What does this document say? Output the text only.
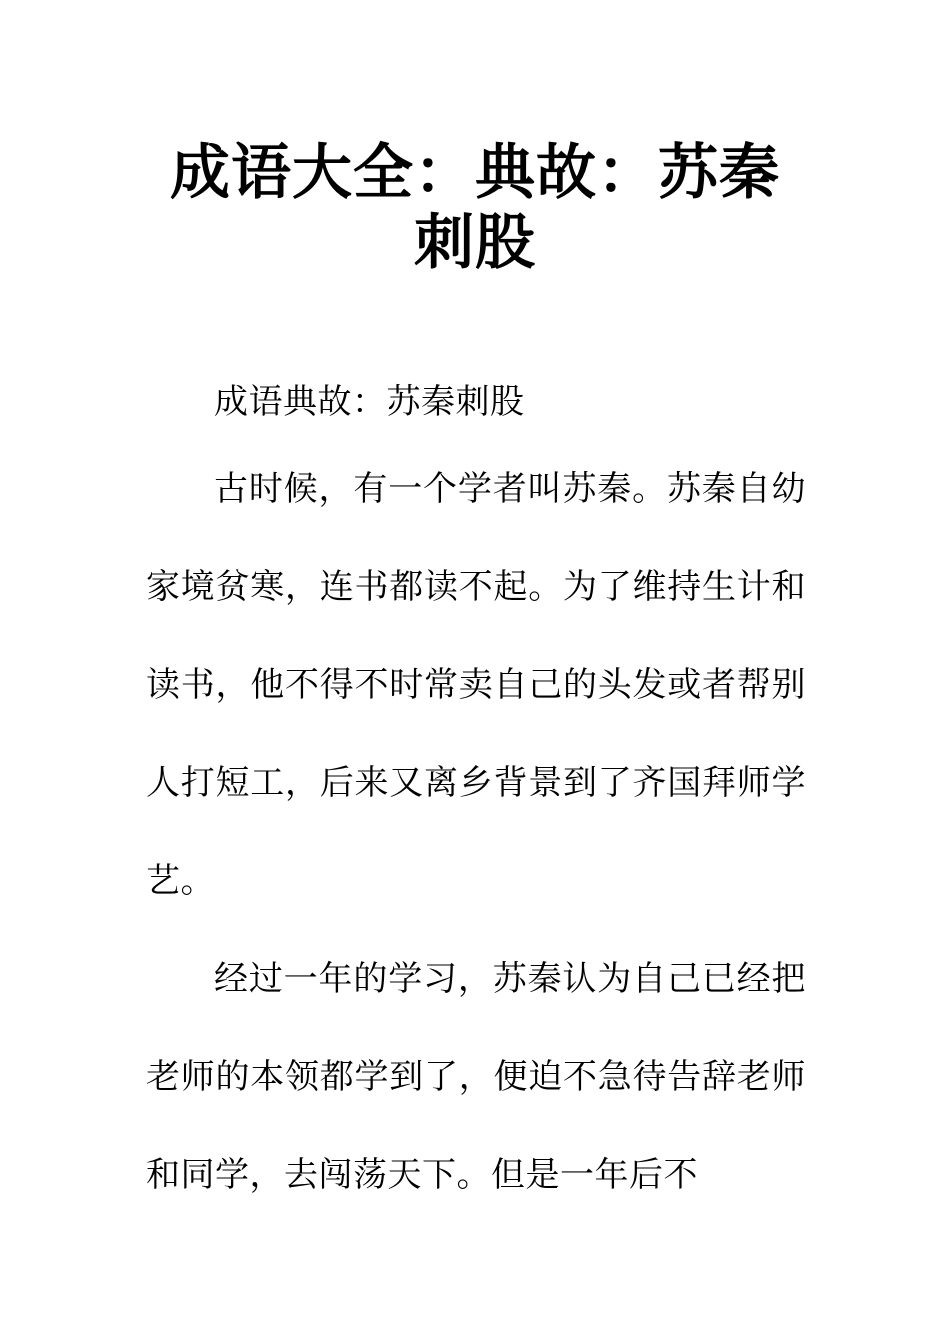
成语大全：典故：苏秦刺股

成语典故：苏秦刺股

古时候，有一个学者叫苏秦。苏秦自幼家境贫寒，连书都读不起。为了维持生计和读书，他不得不时常卖自己的头发或者帮别人打短工，后来又离乡背景到了齐国拜师学艺。

经过一年的学习，苏秦认为自己已经把老师的本领都学到了，便迫不急待告辞老师和同学，去闯荡天下。但是一年后不
